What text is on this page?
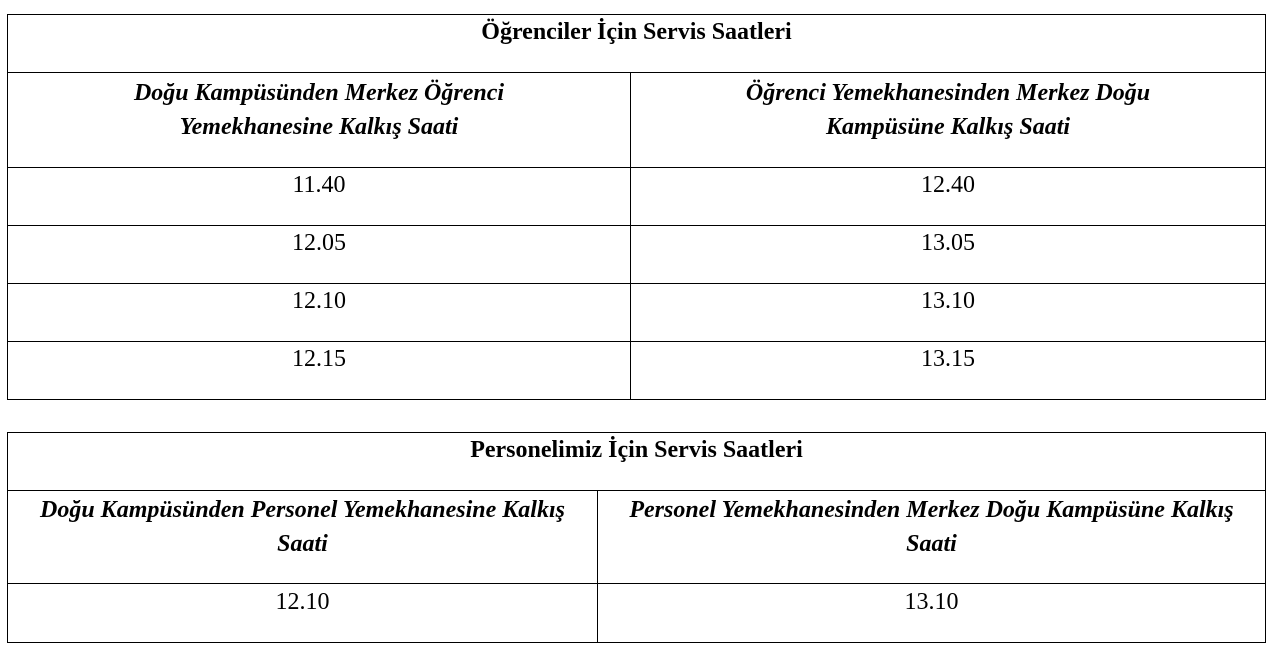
Öğrenciler İçin Servis Saatleri	

Doğu Kampüsünden Merkez Öğrenci Yemekhanesine Kalkış Saati	Öğrenci Yemekhanesinden Merkez Doğu Kampüsüne Kalkış Saati

11.40	12.40
12.05	13.05
12.10	13.10
12.15	13.15
Personelimiz İçin Servis Saatleri	

Doğu Kampüsünden Personel Yemekhanesine Kalkış Saati	Personel Yemekhanesinden Merkez Doğu Kampüsüne Kalkış Saati

12.10	13.10
